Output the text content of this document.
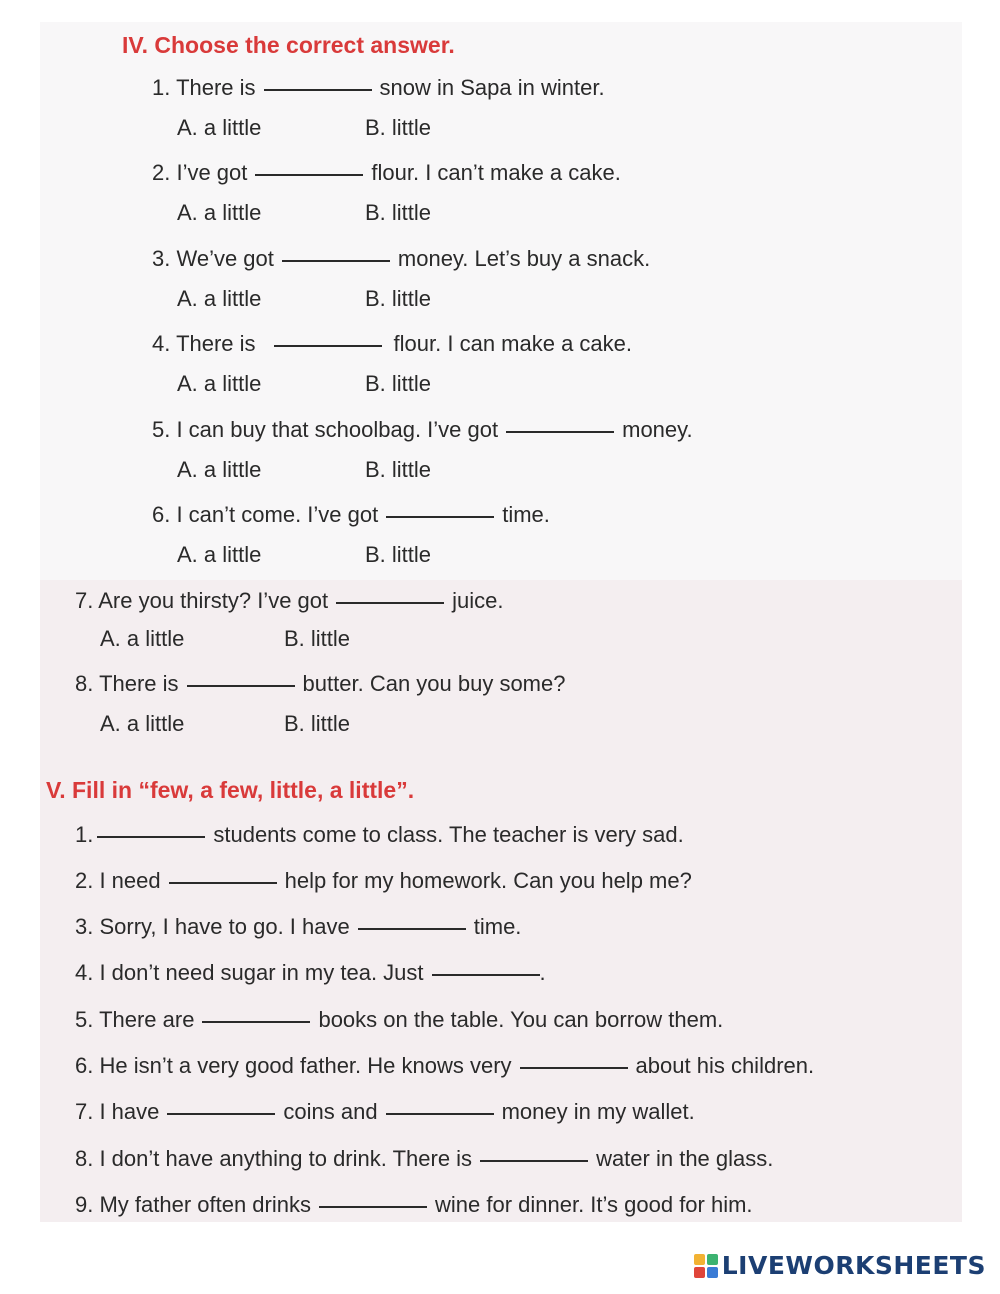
IV. Choose the correct answer.
1. There is	snow in Sapa in winter.
A. a little	B. little
2. I’ve got	flour. I can’t make a cake.
A. a little	B. little
3. We’ve got	money. Let’s buy a snack.
A. a little	B. little
4. There is	flour. I can make a cake.
A. a little	B. little
5. I can buy that schoolbag. I’ve got	money.
A. a little	B. little
6. I can’t come. I’ve got	time.
A. a little	B. little
7. Are you thirsty? I’ve got	juice.
A. a little	B. little
8. There is	butter. Can you buy some?
A. a little	B. little
V. Fill in “few, a few, little, a little”.
1.	students come to class. The teacher is very sad.
2. I need	help for my homework. Can you help me?
3. Sorry, I have to go. I have	time.
4. I don’t need sugar in my tea. Just	.
5. There are	books on the table. You can borrow them.
6. He isn’t a very good father. He knows very	about his children.
7. I have	coins and	money in my wallet.
8. I don’t have anything to drink. There is	water in the glass.
9. My father often drinks	wine for dinner. It’s good for him.
LIVEWORKSHEETS
